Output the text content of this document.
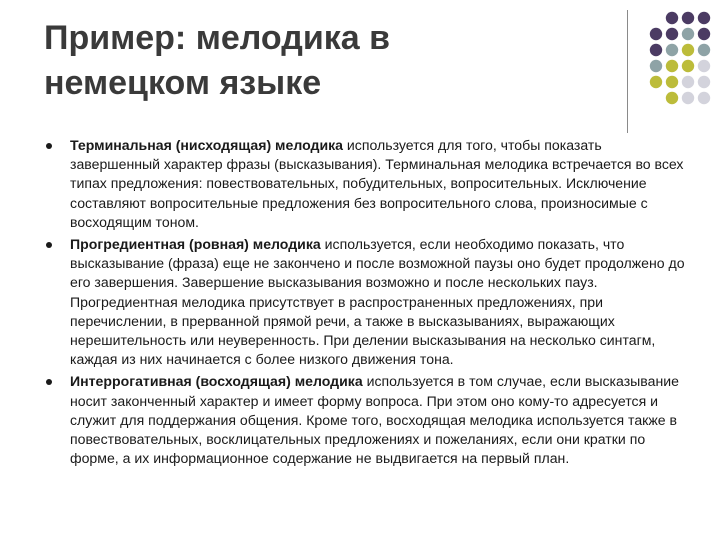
Пример: мелодика в
немецком языке

Терминальная (нисходящая) мелодика используется для того, чтобы показать завершенный характер фразы (высказывания). Терминальная мелодика встречается во всех типах предложения: повествовательных, побудительных, вопросительных. Исключение составляют вопросительные предложения без вопросительного слова, произносимые с восходящим тоном.

Прогредиентная (ровная) мелодика используется, если необходимо показать, что высказывание (фраза) еще не закончено и после возможной паузы оно будет продолжено до его завершения. Завершение высказывания возможно и после нескольких пауз. Прогредиентная мелодика присутствует в распространенных предложениях, при перечислении, в прерванной прямой речи, а также в высказываниях, выражающих нерешительность или неуверенность. При делении высказывания на несколько синтагм, каждая из них начинается с более низкого движения тона.

Интеррогативная (восходящая) мелодика используется в том случае, если высказывание носит законченный характер и имеет форму вопроса. При этом оно кому-то адресуется и служит для поддержания общения. Кроме того, восходящая мелодика используется также в повествовательных, восклицательных предложениях и пожеланиях, если они кратки по форме, а их информационное содержание не выдвигается на первый план.
